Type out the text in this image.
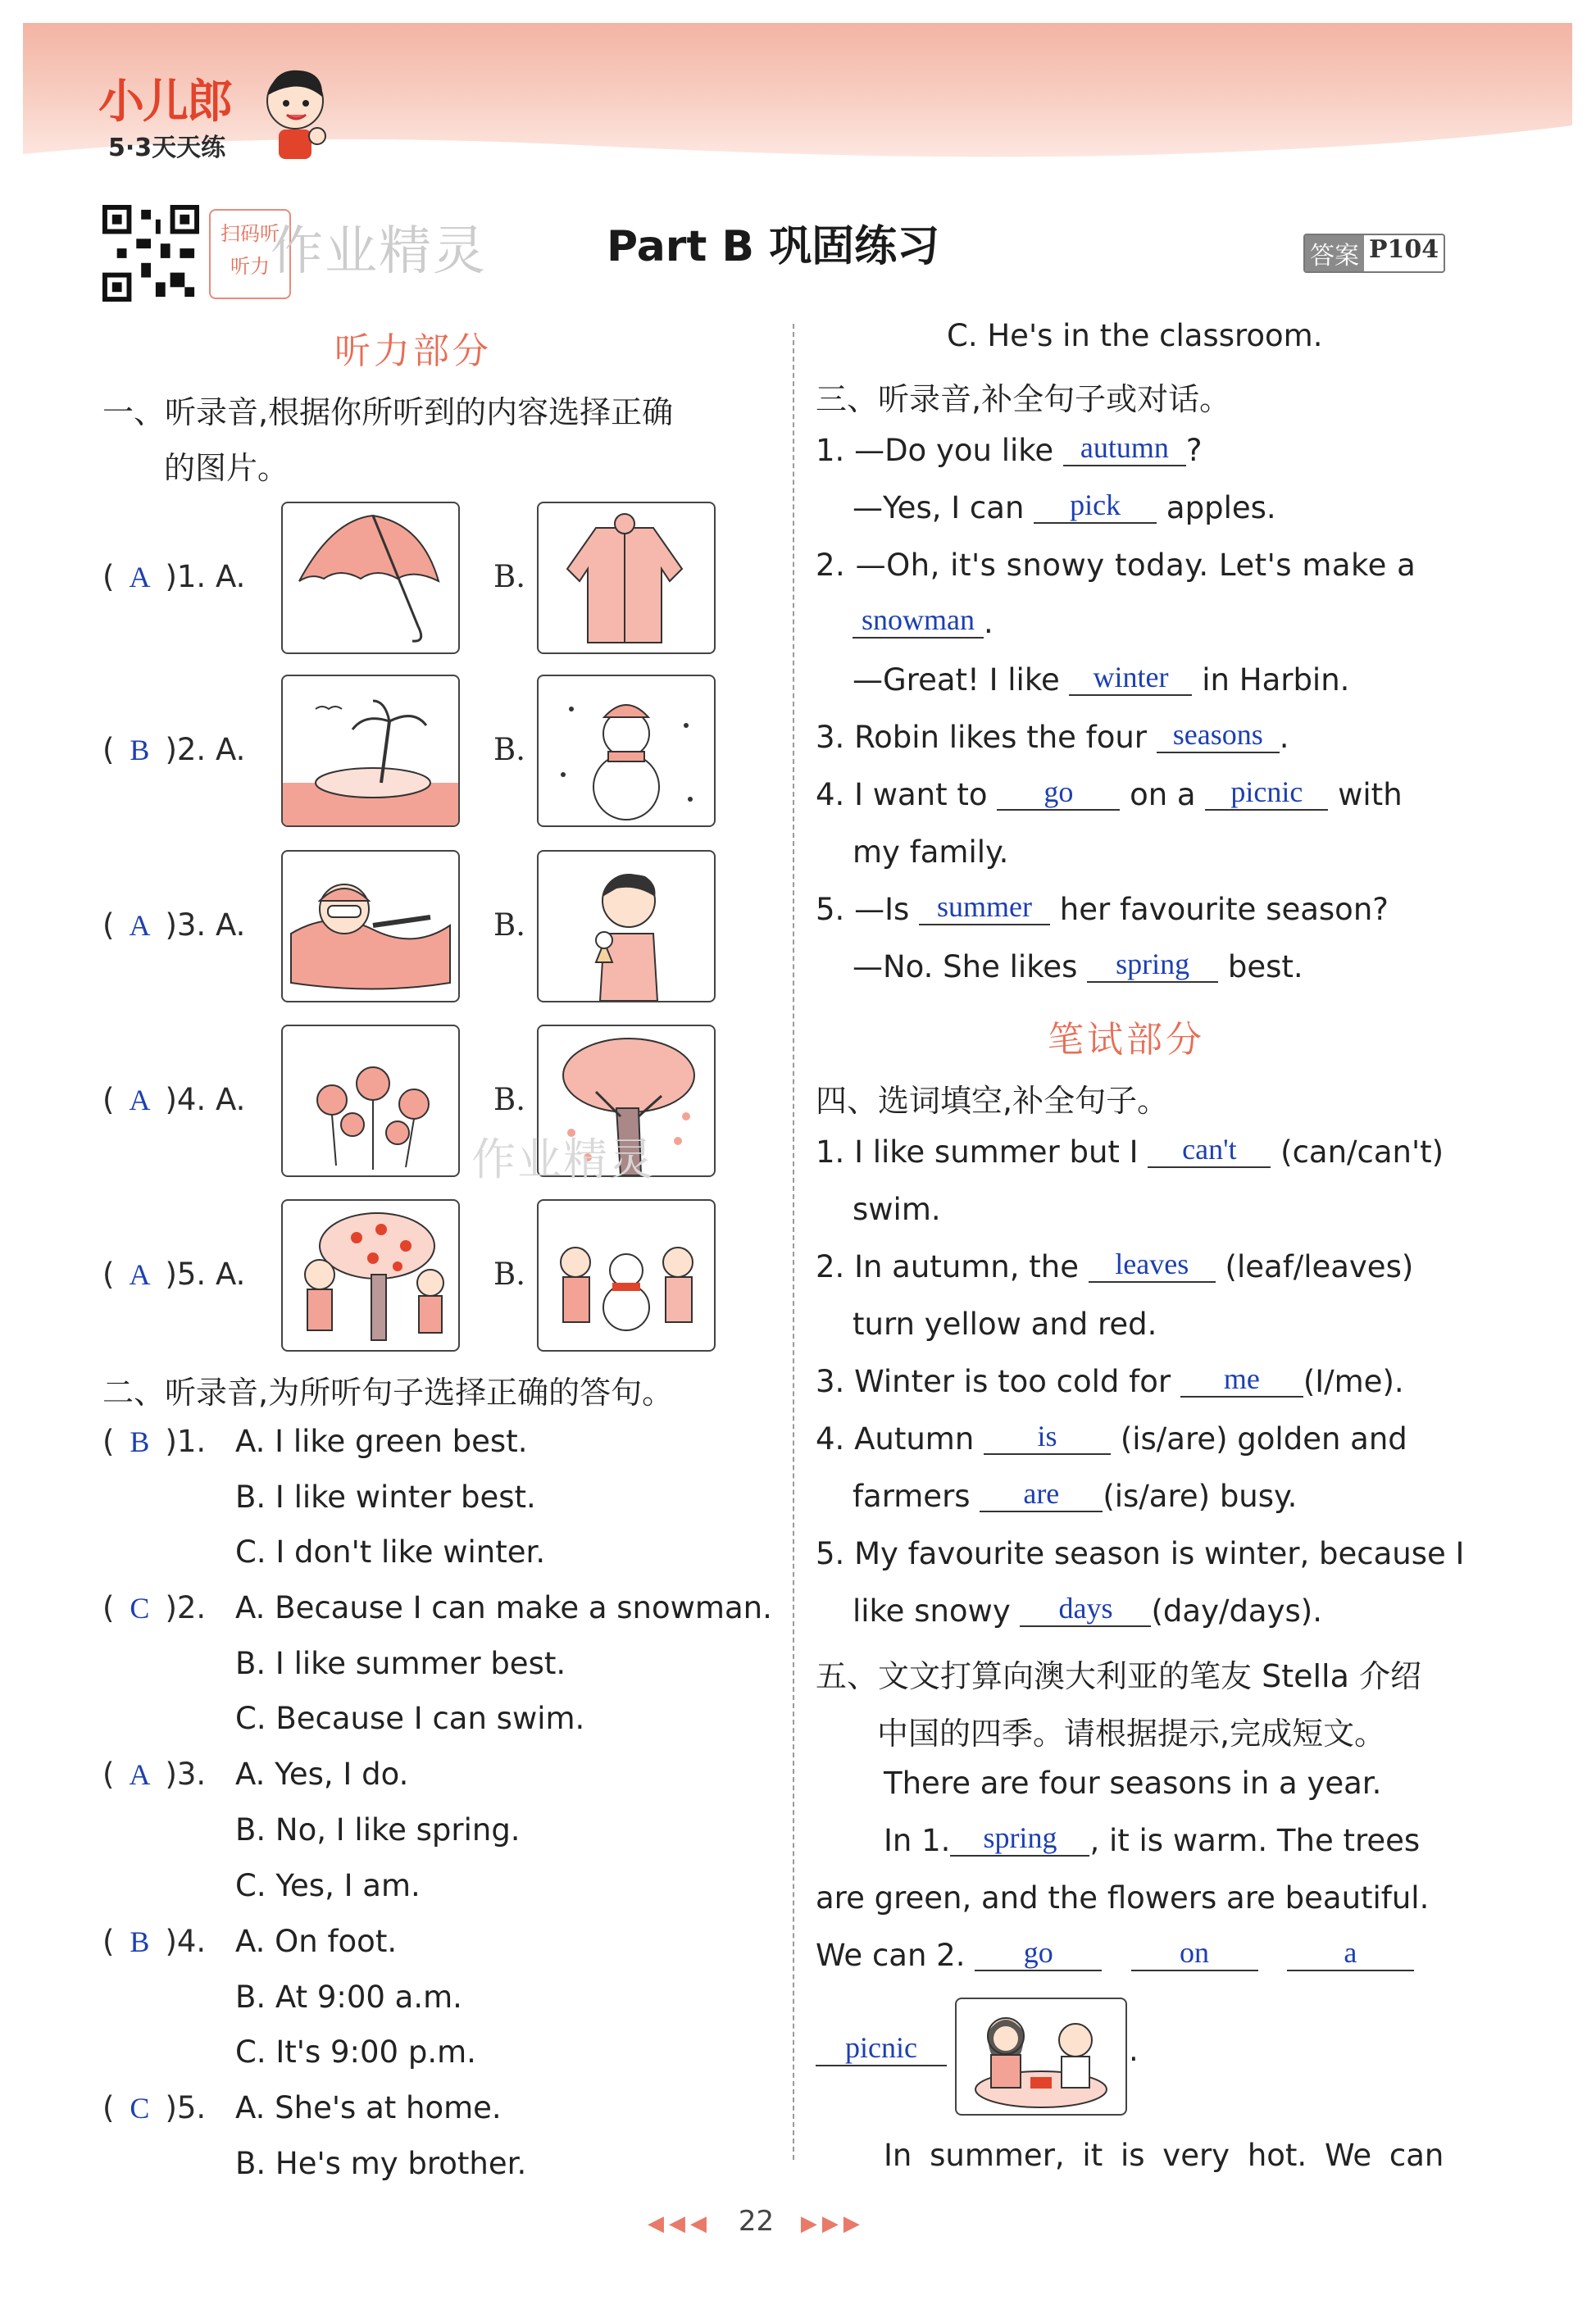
小儿郎
5·3天天练
扫码听听力 作业精灵	Part B 巩固练习	答案 P104
听力部分
一、听录音,根据你所听到的内容选择正确
的图片。
( A )1. A.	B.
( B )2. A.	B.
( A )3. A.	B.
( A )4. A.	B.
作业精灵
( A )5. A.	B.
二、听录音,为所听句子选择正确的答句。
( B )1. A. I like green best.
B. I like winter best.
C. I don't like winter.
( C )2. A. Because I can make a snowman.
B. I like summer best.
C. Because I can swim.
( A )3. A. Yes, I do.
B. No, I like spring.
C. Yes, I am.
( B )4. A. On foot.
B. At 9:00 a.m.
C. It's 9:00 p.m.
( C )5. A. She's at home.
B. He's my brother.
C. He's in the classroom.
三、听录音,补全句子或对话。
1. —Do you like autumn ?
—Yes, I can pick apples.
2. —Oh, it's snowy today. Let's make a
snowman .
—Great! I like winter in Harbin.
3. Robin likes the four seasons .
4. I want to go on a picnic with
my family.
5. —Is summer her favourite season?
—No. She likes spring best.
笔试部分
四、选词填空,补全句子。
1. I like summer but I can't (can/can't)
swim.
2. In autumn, the leaves (leaf/leaves)
turn yellow and red.
3. Winter is too cold for me (I/me).
4. Autumn is (is/are) golden and
farmers are (is/are) busy.
5. My favourite season is winter, because I
like snowy days (day/days).
五、文文打算向澳大利亚的笔友 Stella 介绍
中国的四季。请根据提示,完成短文。
There are four seasons in a year.
In 1. spring , it is warm. The trees
are green, and the flowers are beautiful.
We can 2. go	on	a
picnic	.
In summer, it is very hot. We can
◀◀◀ 22 ▶▶▶
